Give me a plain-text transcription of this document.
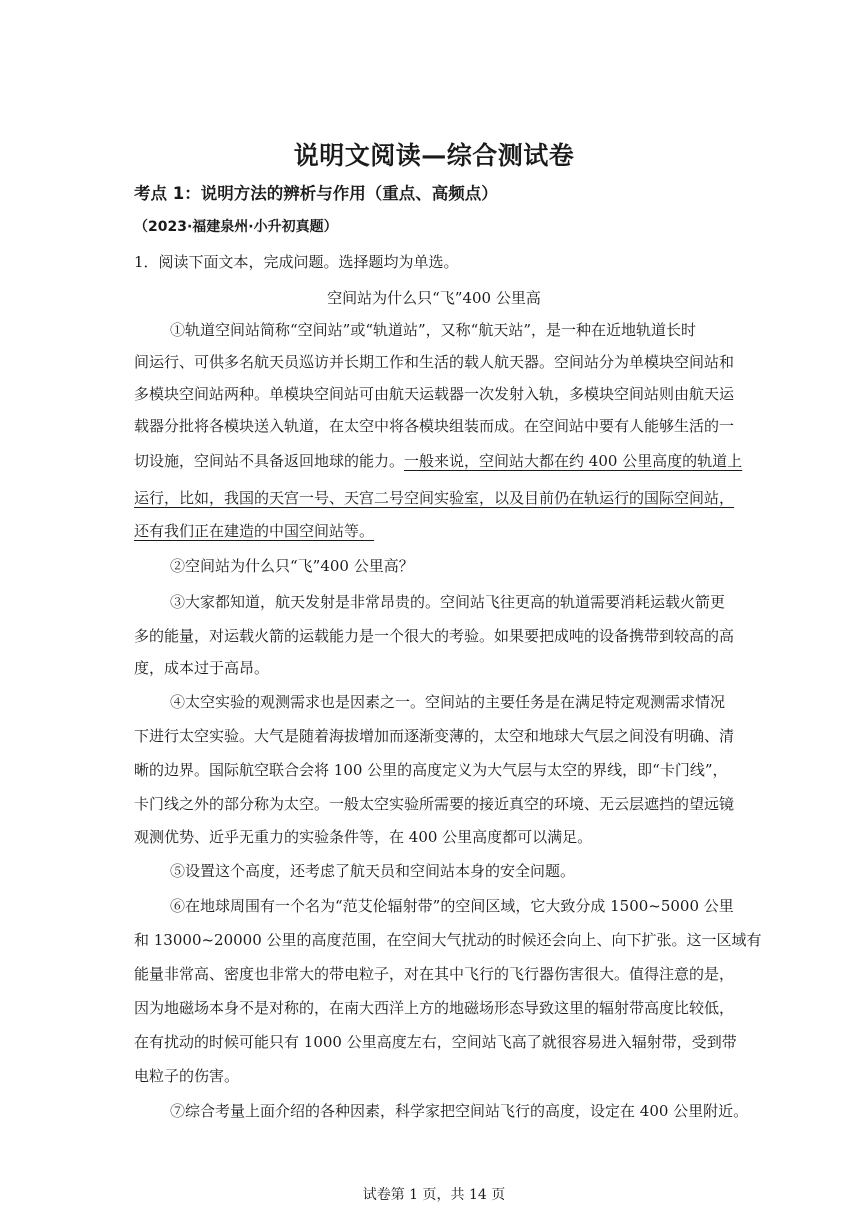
说明文阅读—综合测试卷
考点 1：说明方法的辨析与作用（重点、高频点）
（2023·福建泉州·小升初真题）
1．阅读下面文本，完成问题。选择题均为单选。
空间站为什么只“飞”400 公里高
①轨道空间站简称“空间站”或“轨道站”，又称“航天站”，是一种在近地轨道长时
间运行、可供多名航天员巡访并长期工作和生活的载人航天器。空间站分为单模块空间站和
多模块空间站两种。单模块空间站可由航天运载器一次发射入轨，多模块空间站则由航天运
载器分批将各模块送入轨道，在太空中将各模块组装而成。在空间站中要有人能够生活的一
切设施，空间站不具备返回地球的能力。一般来说，空间站大都在约 400 公里高度的轨道上
运行，比如，我国的天宫一号、天宫二号空间实验室，以及目前仍在轨运行的国际空间站，
还有我们正在建造的中国空间站等。
②空间站为什么只“飞”400 公里高？
③大家都知道，航天发射是非常昂贵的。空间站飞往更高的轨道需要消耗运载火箭更
多的能量，对运载火箭的运载能力是一个很大的考验。如果要把成吨的设备携带到较高的高
度，成本过于高昂。
④太空实验的观测需求也是因素之一。空间站的主要任务是在满足特定观测需求情况
下进行太空实验。大气是随着海拔增加而逐渐变薄的，太空和地球大气层之间没有明确、清
晰的边界。国际航空联合会将 100 公里的高度定义为大气层与太空的界线，即“卡门线”，
卡门线之外的部分称为太空。一般太空实验所需要的接近真空的环境、无云层遮挡的望远镜
观测优势、近乎无重力的实验条件等，在 400 公里高度都可以满足。
⑤设置这个高度，还考虑了航天员和空间站本身的安全问题。
⑥在地球周围有一个名为“范艾伦辐射带”的空间区域，它大致分成 1500~5000 公里
和 13000~20000 公里的高度范围，在空间大气扰动的时候还会向上、向下扩张。这一区域有
能量非常高、密度也非常大的带电粒子，对在其中飞行的飞行器伤害很大。值得注意的是，
因为地磁场本身不是对称的，在南大西洋上方的地磁场形态导致这里的辐射带高度比较低，
在有扰动的时候可能只有 1000 公里高度左右，空间站飞高了就很容易进入辐射带，受到带
电粒子的伤害。
⑦综合考量上面介绍的各种因素，科学家把空间站飞行的高度，设定在 400 公里附近。
试卷第 1 页，共 14 页
